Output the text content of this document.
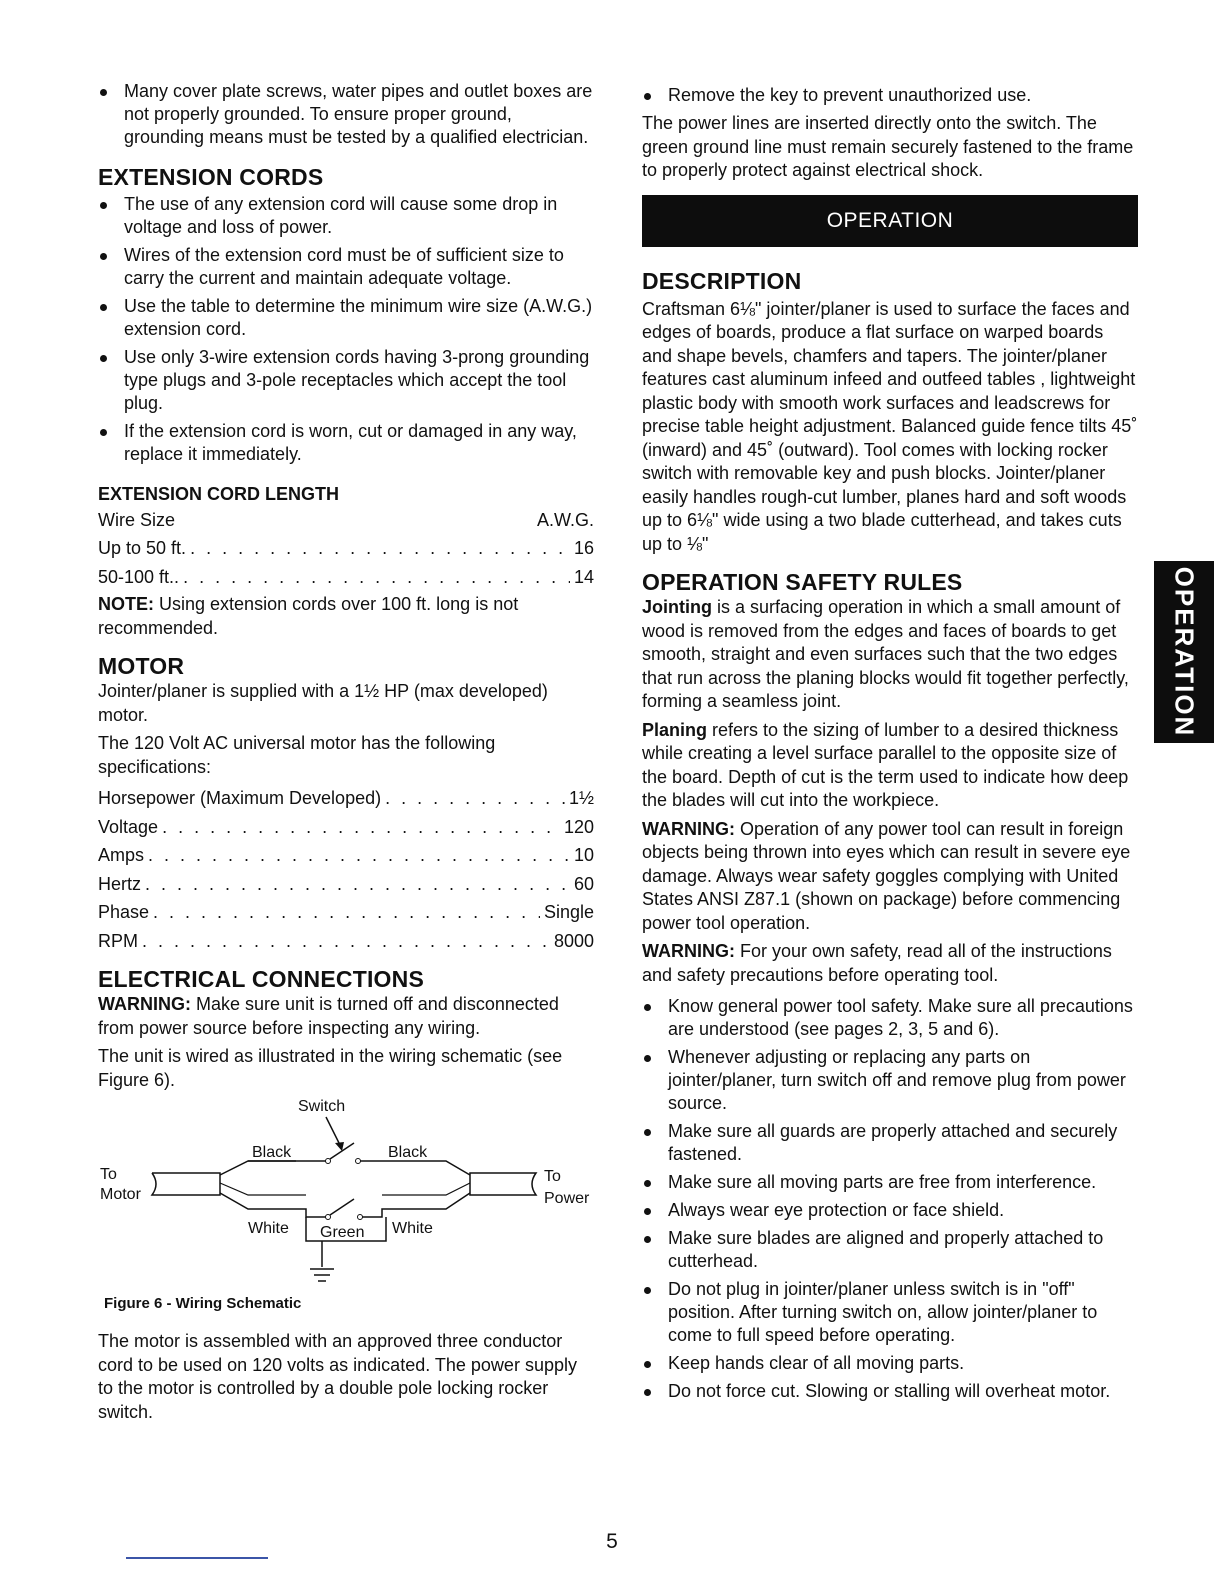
Many cover plate screws, water pipes and outlet boxes are not properly grounded. To ensure proper ground, grounding means must be tested by a qualified electrician.
EXTENSION CORDS
The use of any extension cord will cause some drop in voltage and loss of power.
Wires of the extension cord must be of sufficient size to carry the current and maintain adequate voltage.
Use the table to determine the minimum wire size (A.W.G.) extension cord.
Use only 3-wire extension cords having 3-prong grounding type plugs and 3-pole receptacles which accept the tool plug.
If the extension cord is worn, cut or damaged in any way, replace it immediately.
EXTENSION CORD LENGTH
Wire Size	A.W.G.
Up to 50 ft. . . .	16
50-100 ft.. . . .	14

NOTE: Using extension cords over 100 ft. long is not recommended.

MOTOR

Jointer/planer is supplied with a 1½ HP (max developed) motor.

The 120 Volt AC universal motor has the following specifications:

Horsepower (Maximum Developed) . . .	1½
Voltage . . .	120
Amps . . .	10
Hertz . . .	60
Phase . . .	Single
RPM . . .	8000
ELECTRICAL CONNECTIONS

WARNING: Make sure unit is turned off and disconnected from power source before inspecting any wiring.

The unit is wired as illustrated in the wiring schematic (see Figure 6).

Switch
Black	Black
White	White
Green
To
Motor
To
Power

Figure 6 - Wiring Schematic

The motor is assembled with an approved three conductor cord to be used on 120 volts as indicated. The power supply to the motor is controlled by a double pole locking rocker switch.

Remove the key to prevent unauthorized use.

The power lines are inserted directly onto the switch. The green ground line must remain securely fastened to the frame to properly protect against electrical shock.

OPERATION
DESCRIPTION

Craftsman 6⅛" jointer/planer is used to surface the faces and edges of boards, produce a flat surface on warped boards and shape bevels, chamfers and tapers. The jointer/planer features cast aluminum infeed and outfeed tables , lightweight plastic body with smooth work surfaces and leadscrews for precise table height adjustment. Balanced guide fence tilts 45˚ (inward) and 45˚ (outward). Tool comes with locking rocker switch with removable key and push blocks. Jointer/planer easily handles rough-cut lumber, planes hard and soft woods up to 6⅛" wide using a two blade cutterhead, and takes cuts up to ⅛"

OPERATION SAFETY RULES

Jointing is a surfacing operation in which a small amount of wood is removed from the edges and faces of boards to get smooth, straight and even surfaces such that the two edges that run across the planing blocks would fit together perfectly, forming a seamless joint.

Planing refers to the sizing of lumber to a desired thickness while creating a level surface parallel to the opposite size of the board. Depth of cut is the term used to indicate how deep the blades will cut into the workpiece.

WARNING: Operation of any power tool can result in foreign objects being thrown into eyes which can result in severe eye damage. Always wear safety goggles complying with United States ANSI Z87.1 (shown on package) before commencing power tool operation.

WARNING: For your own safety, read all of the instructions and safety precautions before operating tool.

Know general power tool safety. Make sure all precautions are understood (see pages 2, 3, 5 and 6).
Whenever adjusting or replacing any parts on jointer/planer, turn switch off and remove plug from power source.
Make sure all guards are properly attached and securely fastened.
Make sure all moving parts are free from interference.
Always wear eye protection or face shield.
Make sure blades are aligned and properly attached to cutterhead.
Do not plug in jointer/planer unless switch is in "off" position. After turning switch on, allow jointer/planer to come to full speed before operating.
Keep hands clear of all moving parts.
Do not force cut. Slowing or stalling will overheat motor.
OPERATION
5
